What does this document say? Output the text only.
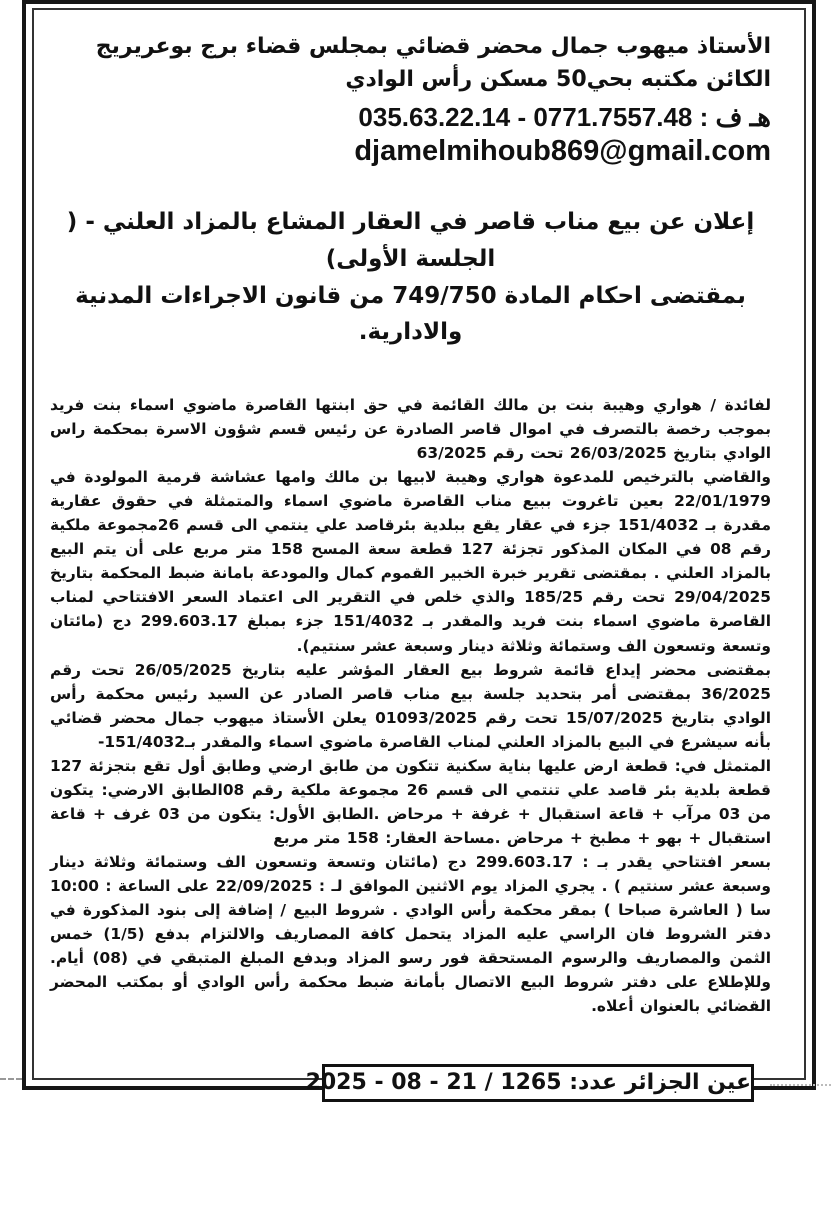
الأستاذ ميهوب جمال محضر قضائي بمجلس قضاء برج بوعريريج
الكائن مكتبه بحي50 مسكن رأس الوادي
هـ ف : 0771.7557.48 - 035.63.22.14
djamelmihoub869@gmail.com
إعلان عن بيع مناب قاصر في العقار المشاع بالمزاد العلني - ( الجلسة الأولى)
بمقتضى احكام المادة 749/750 من قانون الاجراءات المدنية والادارية.

لفائدة / هواري وهيبة بنت بن مالك القائمة في حق ابنتها القاصرة ماضوي اسماء بنت فريد بموجب رخصة بالتصرف في اموال قاصر الصادرة عن رئيس قسم شؤون الاسرة بمحكمة راس الوادي بتاريخ 26/03/2025 تحت رقم 63/2025

والقاضي بالترخيص للمدعوة هواري وهيبة لابيها بن مالك وامها عشاشة قرمية المولودة في 22/01/1979 بعين تاغروت ببيع مناب القاصرة ماضوي اسماء والمتمثلة في حقوق عقارية مقدرة بـ 151/4032 جزء في عقار يقع ببلدية بئرقاصد علي ينتمي الى قسم 26مجموعة ملكية رقم 08 في المكان المذكور تجزئة 127 قطعة سعة المسح 158 متر مربع على أن يتم البيع بالمزاد العلني . بمقتضى تقرير خبرة الخبير القموم كمال والمودعة بامانة ضبط المحكمة بتاريخ 29/04/2025 تحت رقم 185/25 والذي خلص في التقرير الى اعتماد السعر الافتتاحي لمناب القاصرة ماضوي اسماء بنت فريد والمقدر بـ 151/4032 جزء بمبلغ 299.603.17 دج (مائتان وتسعة وتسعون الف وستمائة وثلاثة دينار وسبعة عشر سنتيم).

بمقتضى محضر إيداع قائمة شروط بيع العقار المؤشر عليه بتاريخ 26/05/2025 تحت رقم 36/2025 بمقتضى أمر بتحديد جلسة بيع مناب قاصر الصادر عن السيد رئيس محكمة رأس الوادي بتاريخ 15/07/2025 تحت رقم 01093/2025 يعلن الأستاذ ميهوب جمال محضر قضائي بأنه سيشرع في البيع بالمزاد العلني لمناب القاصرة ماضوي اسماء والمقدر بـ151/4032-

المتمثل في: قطعة ارض عليها بناية سكنية تتكون من طابق ارضي وطابق أول تقع بتجزئة 127 قطعة بلدية بئر قاصد علي تنتمي الى قسم 26 مجموعة ملكية رقم 08الطابق الارضي: يتكون من 03 مرآب + قاعة استقبال + غرفة + مرحاض .الطابق الأول: يتكون من 03 غرف + قاعة استقبال + بهو + مطبخ + مرحاض .مساحة العقار: 158 متر مربع

بسعر افتتاحي يقدر بـ : 299.603.17 دج (مائتان وتسعة وتسعون الف وستمائة وثلاثة دينار وسبعة عشر سنتيم ) . يجري المزاد يوم الاثنين الموافق لـ : 22/09/2025 على الساعة : 10:00 سا ( العاشرة صباحا ) بمقر محكمة رأس الوادي . شروط البيع / إضافة إلى بنود المذكورة في دفتر الشروط فان الراسي عليه المزاد يتحمل كافة المصاريف والالتزام بدفع (1/5) خمس الثمن والمصاريف والرسوم المستحقة فور رسو المزاد وبدفع المبلغ المتبقي في (08) أيام. وللإطلاع على دفتر شروط البيع الاتصال بأمانة ضبط محكمة رأس الوادي أو بمكتب المحضر القضائي بالعنوان أعلاه.

عين الجزائر عدد: 1265 / 21 - 08 - 2025
